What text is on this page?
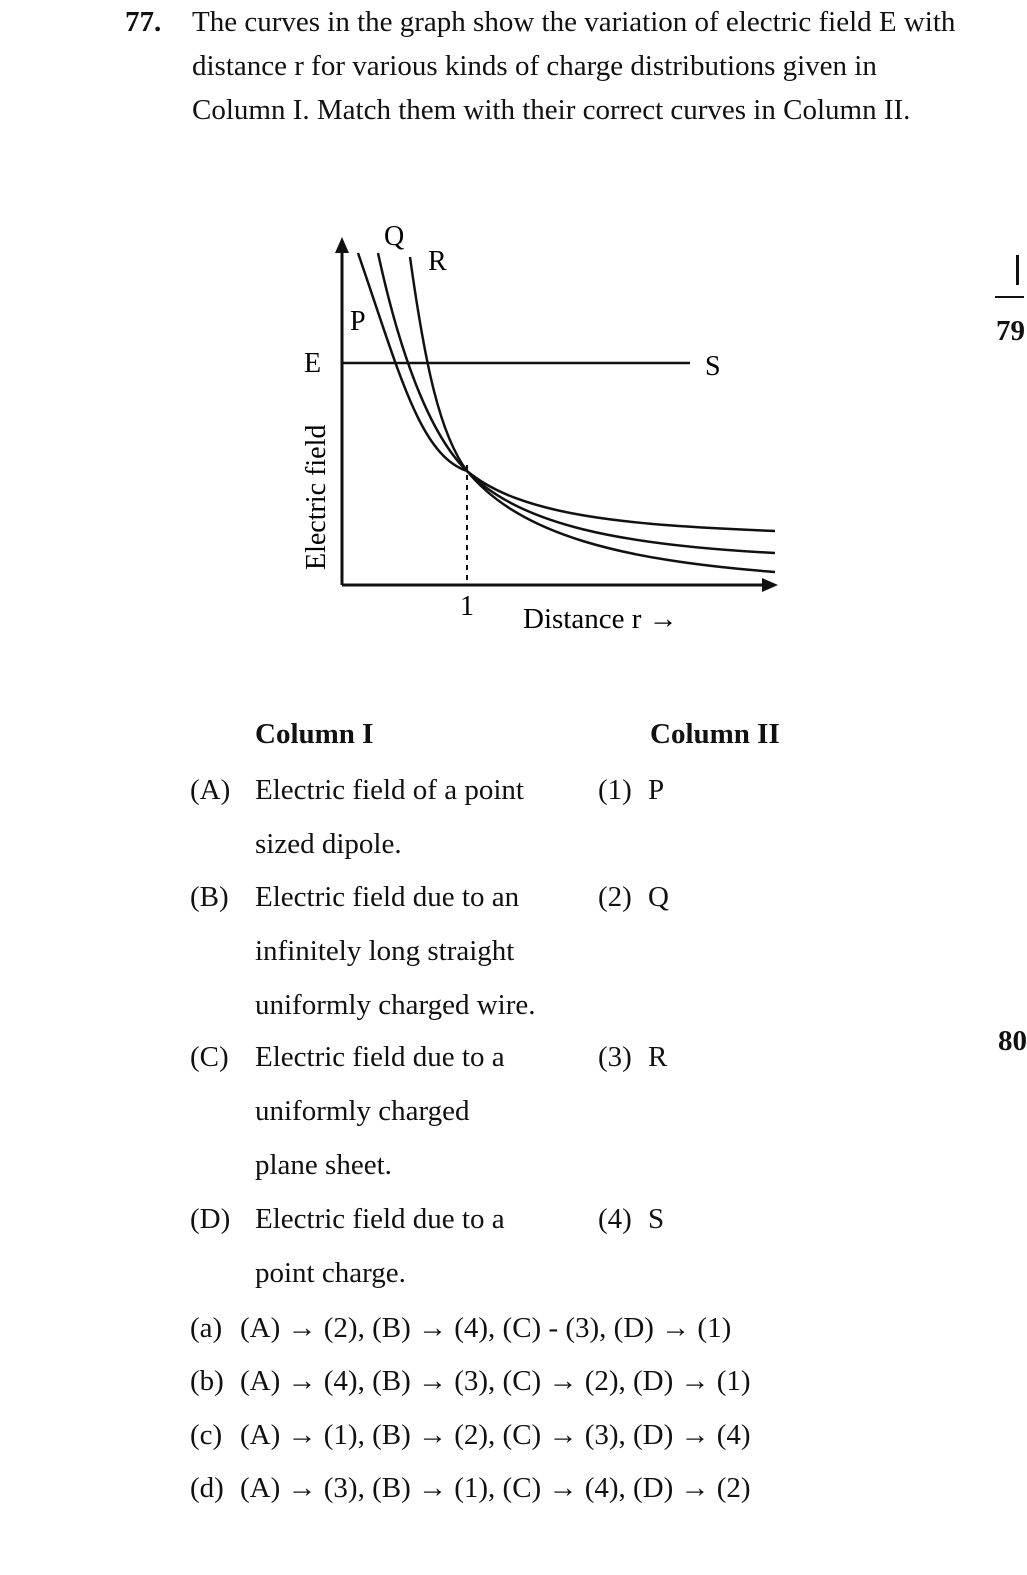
77. The curves in the graph show the variation of electric field E with distance r for various kinds of charge distributions given in Column I. Match them with their correct curves in Column II.
Q
R
P
S
E
Electric field
1 Distance r →
Column I	Column II
(A) Electric field of a point
sized dipole.
(B) Electric field due to an
infinitely long straight
uniformly charged wire.
(C) Electric field due to a
uniformly charged
plane sheet.
(D) Electric field due to a
point charge.
(1) P
(2) Q
(3) R
(4) S
(a) (A) → (2), (B) → (4), (C) - (3), (D) → (1)
(b) (A) → (4), (B) → (3), (C) → (2), (D) → (1)
(c) (A) → (1), (B) → (2), (C) → (3), (D) → (4)
(d) (A) → (3), (B) → (1), (C) → (4), (D) → (2)
79
80
